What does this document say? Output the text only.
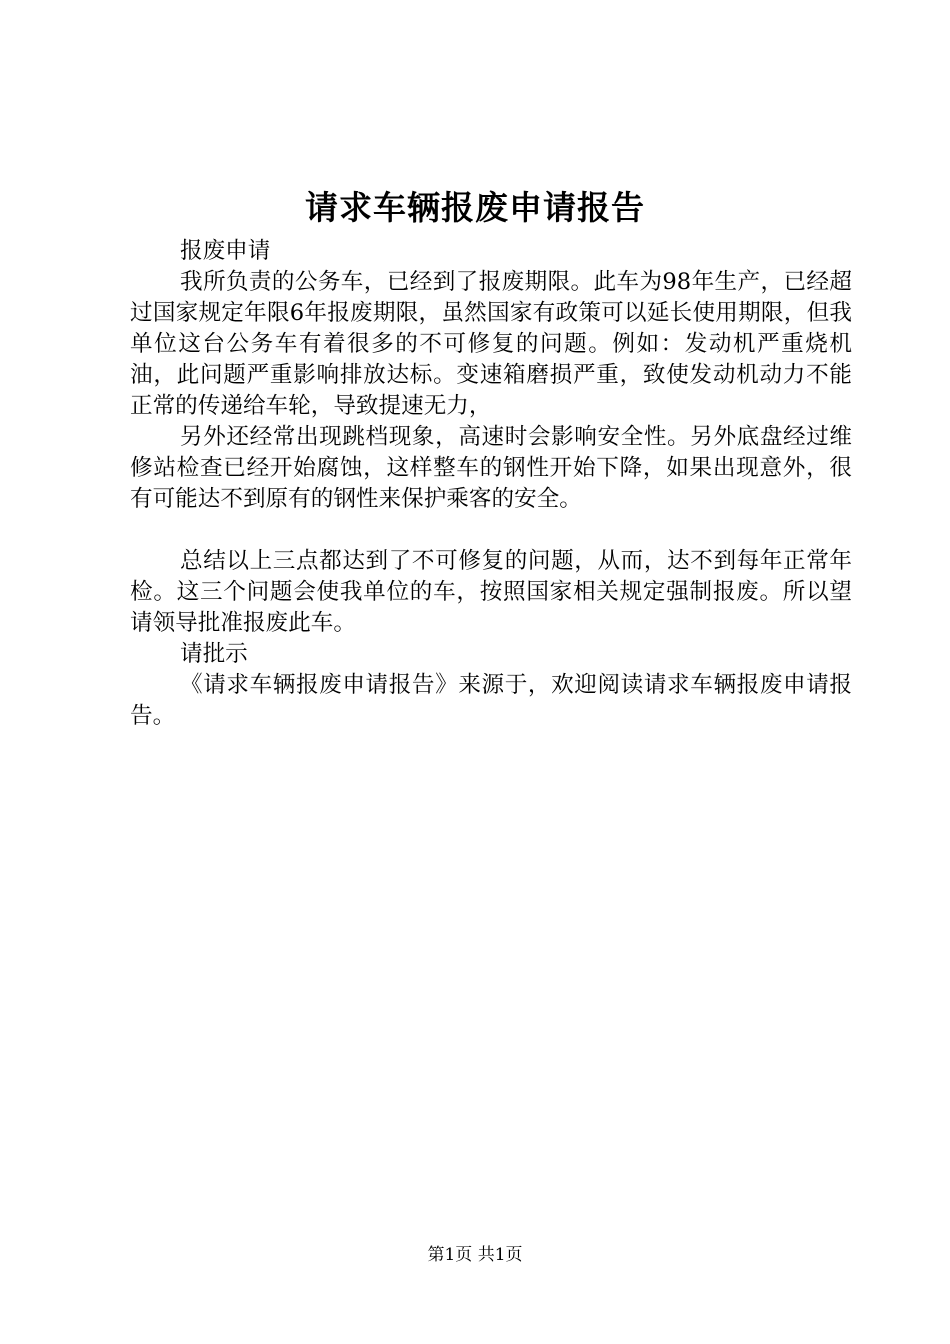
请求车辆报废申请报告

报废申请

我所负责的公务车，已经到了报废期限。此车为98年生产，已经超过国家规定年限6年报废期限，虽然国家有政策可以延长使用期限，但我单位这台公务车有着很多的不可修复的问题。例如：发动机严重烧机油，此问题严重影响排放达标。变速箱磨损严重，致使发动机动力不能正常的传递给车轮，导致提速无力，

另外还经常出现跳档现象，高速时会影响安全性。另外底盘经过维修站检查已经开始腐蚀，这样整车的钢性开始下降，如果出现意外，很有可能达不到原有的钢性来保护乘客的安全。

总结以上三点都达到了不可修复的问题，从而，达不到每年正常年检。这三个问题会使我单位的车，按照国家相关规定强制报废。所以望请领导批准报废此车。

请批示

《请求车辆报废申请报告》来源于，欢迎阅读请求车辆报废申请报告。

第1页 共1页
